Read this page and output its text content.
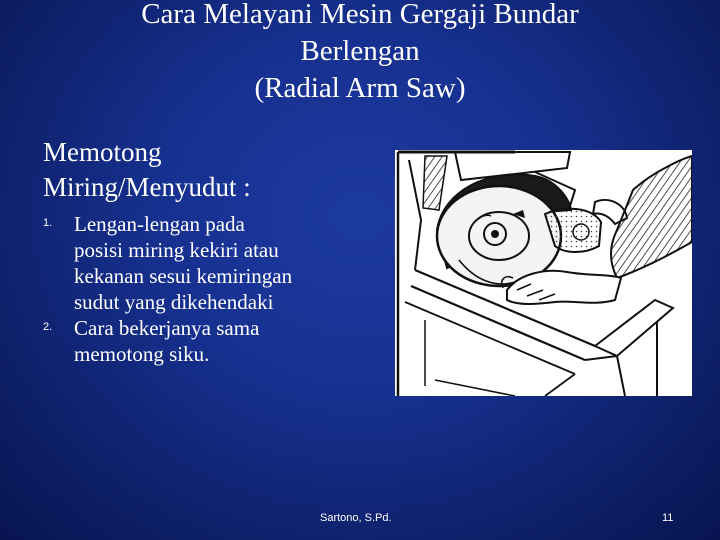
Cara Melayani Mesin Gergaji Bundar
Berlengan
(Radial Arm Saw)
Memotong
Miring/Menyudut :
1. Lengan-lengan pada
posisi miring kekiri atau
kekanan sesui kemiringan
sudut yang dikehendaki
2. Cara bekerjanya sama
memotong siku.
Sartono, S.Pd.	11
